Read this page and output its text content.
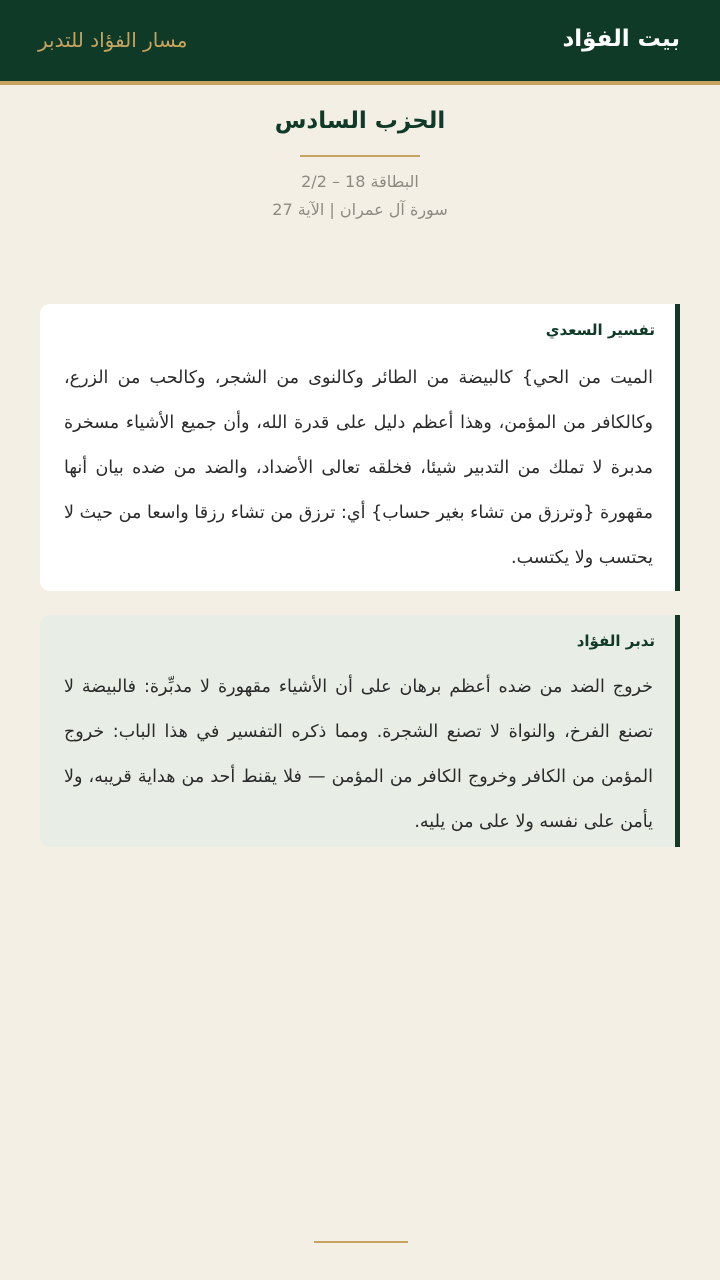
بيت الفؤاد
مسار الفؤاد للتدبر
الحزب السادس
البطاقة 18 – 2/2
سورة آل عمران | الآية 27
تفسير السعدي
الميت من الحي} كالبيضة من الطائر وكالنوى من الشجر، وكالحب من الزرع، وكالكافر من المؤمن، وهذا أعظم دليل على قدرة الله، وأن جميع الأشياء مسخرة مدبرة لا تملك من التدبير شيئا، فخلقه تعالى الأضداد، والضد من ضده بيان أنها مقهورة {وترزق من تشاء بغير حساب} أي: ترزق من تشاء رزقا واسعا من حيث لا يحتسب ولا يكتسب.
تدبر الفؤاد
خروج الضد من ضده أعظم برهان على أن الأشياء مقهورة لا مدبِّرة: فالبيضة لا تصنع الفرخ، والنواة لا تصنع الشجرة. ومما ذكره التفسير في هذا الباب: خروج المؤمن من الكافر وخروج الكافر من المؤمن — فلا يقنط أحد من هداية قريبه، ولا يأمن على نفسه ولا على من يليه.
